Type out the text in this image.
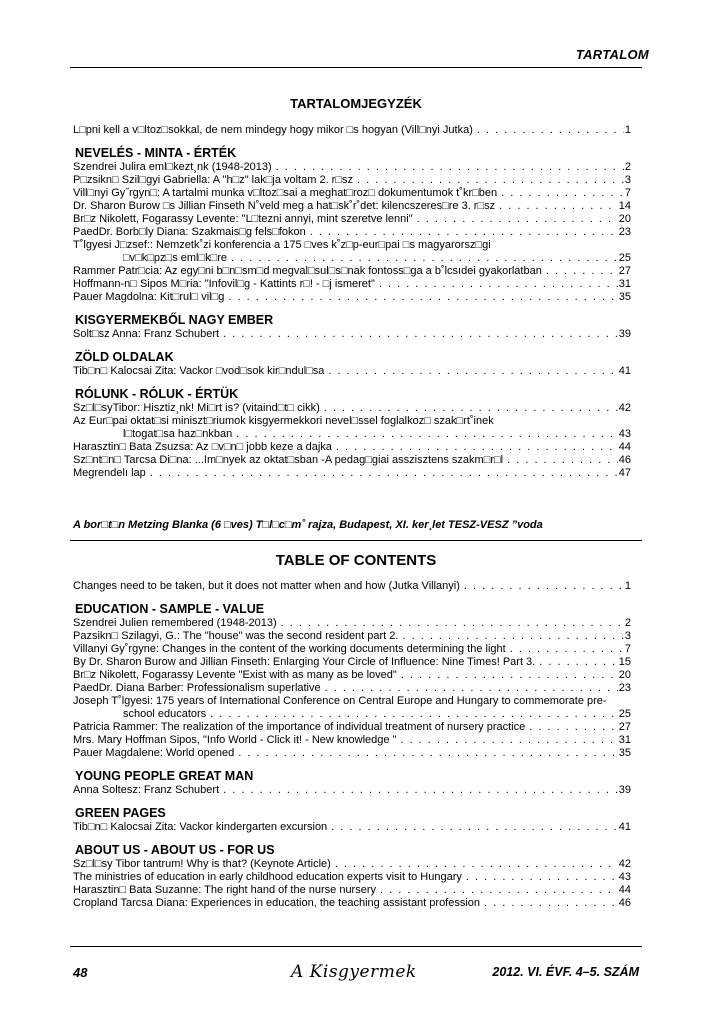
TARTALOM
TARTALOMJEGYZÉK
L□pni kell a v□ltoz□sokkal, de nem mindegy hogy mikor □s hogyan (Vill□nyi Jutka) . . .	1
NEVELÉS - MINTA - ÉRTÉK
Szendrei Julira eml□kezt¸nk (1948-2013) . . .	2
P□zsikn□ Szil□gyi Gabriella: A "h□z" lak□ja voltam 2. r□sz . . .	3
Vill□nyi Gy˝rgyn□: A tartalmi munka v□ltoz□sai a meghat□roz□ dokumentumok t˚kr□ben . . .	7
Dr. Sharon Burow □s Jillian Finseth N˚veld meg a hat□sk˚r˚det: kilencszeres□re 3. r□sz . . .	14
Br□z Nikolett, Fogarassy Levente: "L□tezni annyi, mint szeretve lenni" . . .	20
PaedDr. Borb□ly Diana: Szakmais□g fels□fokon . . .	23
T˚lgyesi J□zsef:: Nemzetk˚zi konferencia a 175 □ves k˚z□p-eur□pai □s magyarorsz□gi
□v□k□pz□s eml□k□re . . .	25
Rammer Patr□cia: Az egy□ni b□n□sm□d megval□sul□s□nak fontoss□ga a b˚lcsıdei gyakorlatban . . .	27
Hoffmann-n□ Sipos M□ria: "Infovil□g - Kattints r□! - □j ismeret" . . .	31
Pauer Magdolna: Kit□rul□ vil□g . . .	35
KISGYERMEKBŐL NAGY EMBER
Solt□sz Anna: Franz Schubert . . .	39
ZÖLD OLDALAK
Tib□n□ Kalocsai Zita: Vackor □vod□sok kir□ndul□sa . . .	41
RÓLUNK - RÓLUK - ÉRTÜK
Sz□l□syTibor: Hisztiz¸nk! Mi□rt is? (vitaind□t□ cikk) . . .	42
Az Eur□pai oktat□si miniszt□riumok kisgyermekkori nevel□ssel foglalkoz□ szak□rt˚inek
l□togat□sa haz□nkban . . .	43
Harasztin□ Bata Zsuzsa: Az □v□n□ jobb keze a dajka . . .	44
Sz□nt□n□ Tarcsa Di□na: ...Im□nyek az oktat□sban -A pedag□giai asszisztens szakm□r□l . . .	46
Megrendelı lap . . .	47
A bor□t□n Metzing Blanka (6 □ves) T□l□c□m˚ rajza, Budapest, XI. ker¸let TESZ-VESZ ”voda
TABLE OF CONTENTS
Changes need to be taken, but it does not matter when and how (Jutka Villanyi) . . .	1
EDUCATION - SAMPLE - VALUE
Szendrei Julien remembered (1948-2013) . . .	2
Pazsikn□ Szilagyi, G.: The "house" was the second resident part 2. . . .	3
Villanyi Gy˚rgyne: Changes in the content of the working documents determining the light . . .	7
By Dr. Sharon Burow and Jillian Finseth: Enlarging Your Circle of Influence: Nine Times! Part 3. . . .	15
Br□z Nikolett, Fogarassy Levente "Exist with as many as be loved" . . .	20
PaedDr. Diana Barber: Professionalism superlative . . .	23
Joseph T˚lgyesi: 175 years of International Conference on Central Europe and Hungary to commemorate pre-
school educators . . .	25
Patricia Rammer: The realization of the importance of individual treatment of nursery practice . . .	27
Mrs. Mary Hoffman Sipos, "Info World - Click it! - New knowledge " . . .	31
Pauer Magdalene: World opened . . .	35
YOUNG PEOPLE GREAT MAN
Anna Soltesz: Franz Schubert . . .	39
GREEN PAGES
Tib□n□ Kalocsai Zita: Vackor kindergarten excursion . . .	41
ABOUT US - ABOUT US - FOR US
Sz□l□sy Tibor tantrum! Why is that? (Keynote Article) . . .	42
The ministries of education in early childhood education experts visit to Hungary . . .	43
Harasztin□ Bata Suzanne: The right hand of the nurse nursery . . .	44
Cropland Tarcsa Diana: Experiences in education, the teaching assistant profession . . .	46
48	A Kisgyermek	2012. VI. ÉVF. 4–5. SZÁM
